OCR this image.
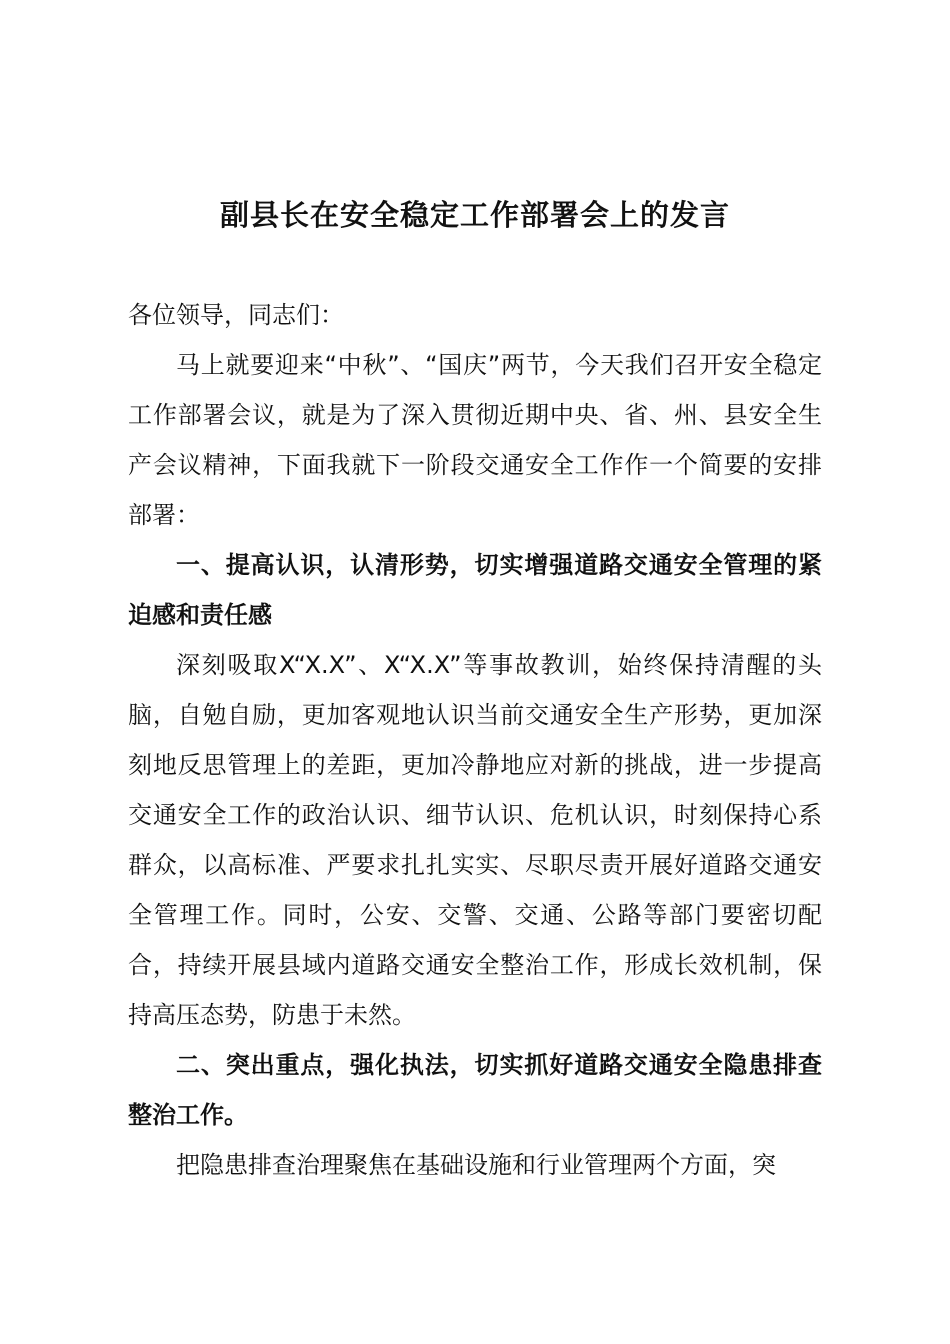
副县长在安全稳定工作部署会上的发言

各位领导，同志们：

马上就要迎来“中秋”、“国庆”两节，今天我们召开安全稳定工作部署会议，就是为了深入贯彻近期中央、省、州、县安全生产会议精神，下面我就下一阶段交通安全工作作一个简要的安排部署：

一、提高认识，认清形势，切实增强道路交通安全管理的紧迫感和责任感

深刻吸取X“X.X”、X“X.X”等事故教训，始终保持清醒的头脑，自勉自励，更加客观地认识当前交通安全生产形势，更加深刻地反思管理上的差距，更加冷静地应对新的挑战，进一步提高交通安全工作的政治认识、细节认识、危机认识，时刻保持心系群众，以高标准、严要求扎扎实实、尽职尽责开展好道路交通安全管理工作。同时，公安、交警、交通、公路等部门要密切配合，持续开展县域内道路交通安全整治工作，形成长效机制，保持高压态势，防患于未然。

二、突出重点，强化执法，切实抓好道路交通安全隐患排查整治工作。

把隐患排查治理聚焦在基础设施和行业管理两个方面，突
